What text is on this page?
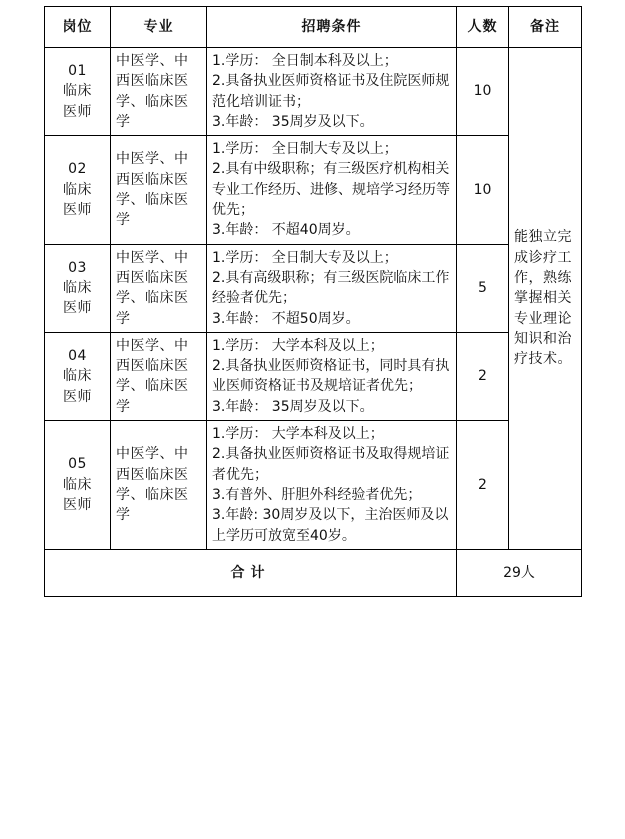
岗位	专业	招聘条件	人数	备注

01
临床
医师	中医学、中西医临床医学、临床医学	1.学历： 全日制本科及以上；
2.具备执业医师资格证书及住院医师规范化培训证书；
3.年龄： 35周岁及以下。	10	能独立完成诊疗工作，熟练掌握相关专业理论知识和治疗技术。

02
临床
医师	中医学、中西医临床医学、临床医学	1.学历： 全日制大专及以上；
2.具有中级职称；有三级医疗机构相关专业工作经历、进修、规培学习经历等优先；
3.年龄： 不超40周岁。	10	

03
临床
医师	中医学、中西医临床医学、临床医学	1.学历： 全日制大专及以上；
2.具有高级职称；有三级医院临床工作经验者优先；
3.年龄： 不超50周岁。	5	

04
临床
医师	中医学、中西医临床医学、临床医学	1.学历： 大学本科及以上；
2.具备执业医师资格证书，同时具有执业医师资格证书及规培证者优先；
3.年龄： 35周岁及以下。	2	

05
临床
医师	中医学、中西医临床医学、临床医学	1.学历： 大学本科及以上；
2.具备执业医师资格证书及取得规培证者优先；
3.有普外、肝胆外科经验者优先；
3.年龄: 30周岁及以下，主治医师及以上学历可放宽至40岁。	2	
合计			29人	
